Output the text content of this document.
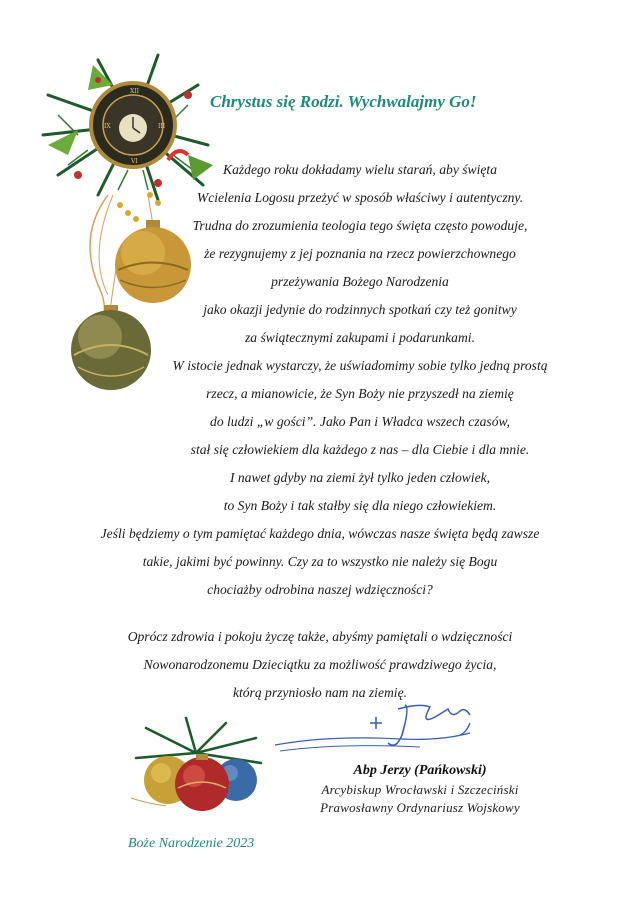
XII
III
VI
IX
Chrystus się Rodzi. Wychwalajmy Go!
Każdego roku dokładamy wielu starań, aby święta
Wcielenia Logosu przeżyć w sposób właściwy i autentyczny.
Trudna do zrozumienia teologia tego święta często powoduje,
że rezygnujemy z jej poznania na rzecz powierzchownego
przeżywania Bożego Narodzenia
jako okazji jedynie do rodzinnych spotkań czy też gonitwy
za świątecznymi zakupami i podarunkami.
W istocie jednak wystarczy, że uświadomimy sobie tylko jedną prostą
rzecz, a mianowicie, że Syn Boży nie przyszedł na ziemię
do ludzi „w gości”. Jako Pan i Władca wszech czasów,
stał się człowiekiem dla każdego z nas – dla Ciebie i dla mnie.
I nawet gdyby na ziemi żył tylko jeden człowiek,
to Syn Boży i tak stałby się dla niego człowiekiem.
Jeśli będziemy o tym pamiętać każdego dnia, wówczas nasze święta będą zawsze
takie, jakimi być powinny. Czy za to wszystko nie należy się Bogu
chociażby odrobina naszej wdzięczności?
Oprócz zdrowia i pokoju życzę także, abyśmy pamiętali o wdzięczności
Nowonarodzonemu Dzieciątku za możliwość prawdziwego życia,
którą przyniosło nam na ziemię.
Abp Jerzy (Pańkowski)
Arcybiskup Wrocławski i Szczeciński
Prawosławny Ordynariusz Wojskowy
Boże Narodzenie 2023
